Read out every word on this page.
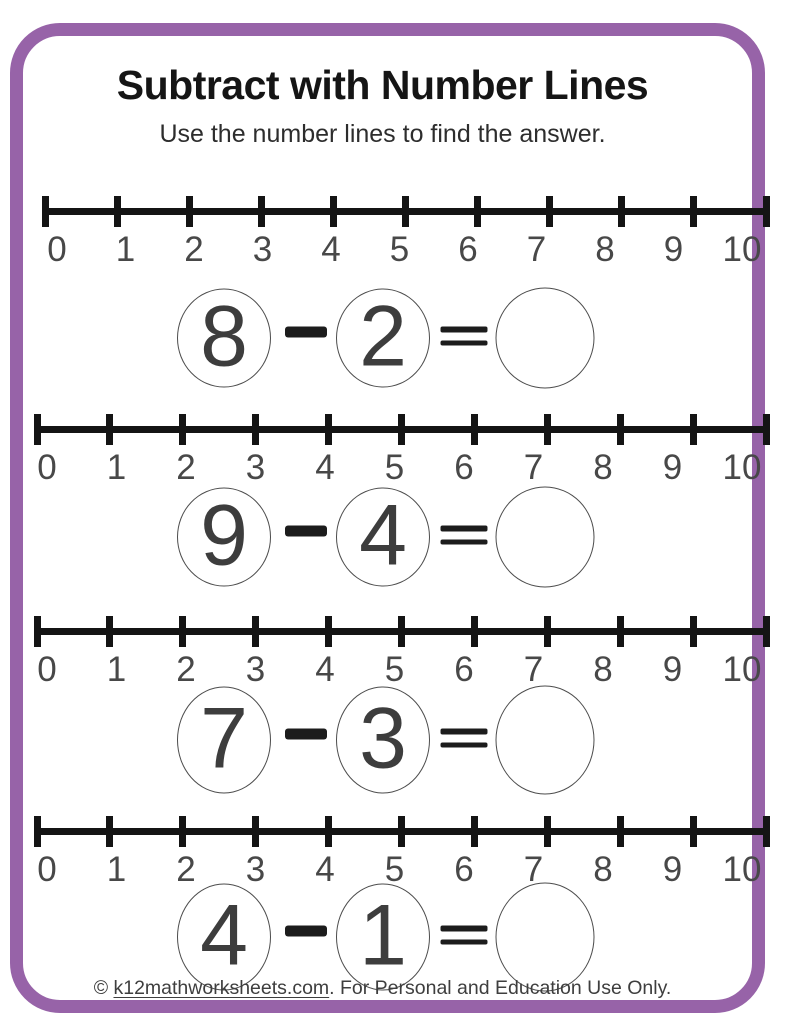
Subtract with Number Lines

Use the number lines to find the answer.

0	1	2	3	4	5	6	7	8	9	10
0	1	2	3	4	5	6	7	8	9	10
0	1	2	3	4	5	6	7	8	9	10
0	1	2	3	4	5	6	7	8	9	10
8 2
9 4
7 3
4 1
© k12mathworksheets.com. For Personal and Education Use Only.
